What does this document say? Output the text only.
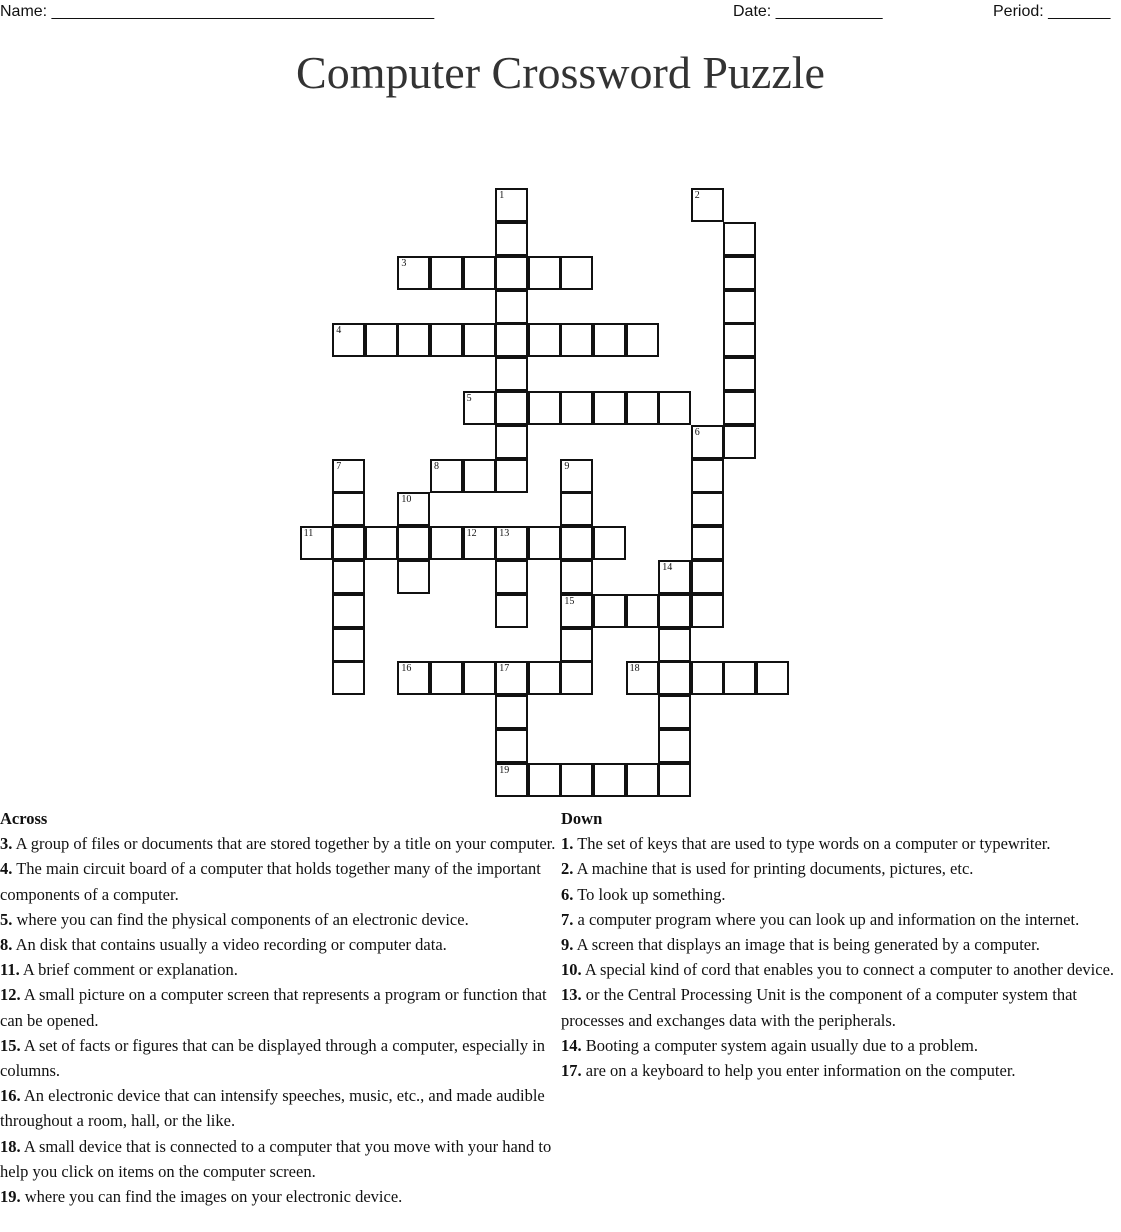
Name: ___________________________________________	Date: ____________	Period: _______
Computer Crossword Puzzle
1	2
3
4
5
6
7	8	9
10
11	12 13
14
15
16	17	18
19
Across
3. A group of files or documents that are stored together by a title on your computer.
4. The main circuit board of a computer that holds together many of the important components of a computer.
5. where you can find the physical components of an electronic device.
8. An disk that contains usually a video recording or computer data.
11. A brief comment or explanation.
12. A small picture on a computer screen that represents a program or function that can be opened.
15. A set of facts or figures that can be displayed through a computer, especially in columns.
16. An electronic device that can intensify speeches, music, etc., and made audible throughout a room, hall, or the like.
18. A small device that is connected to a computer that you move with your hand to help you click on items on the computer screen.
19. where you can find the images on your electronic device.
Down
1. The set of keys that are used to type words on a computer or typewriter.
2. A machine that is used for printing documents, pictures, etc.
6. To look up something.
7. a computer program where you can look up and information on the internet.
9. A screen that displays an image that is being generated by a computer.
10. A special kind of cord that enables you to connect a computer to another device.
13. or the Central Processing Unit is the component of a computer system that processes and exchanges data with the peripherals.
14. Booting a computer system again usually due to a problem.
17. are on a keyboard to help you enter information on the computer.
